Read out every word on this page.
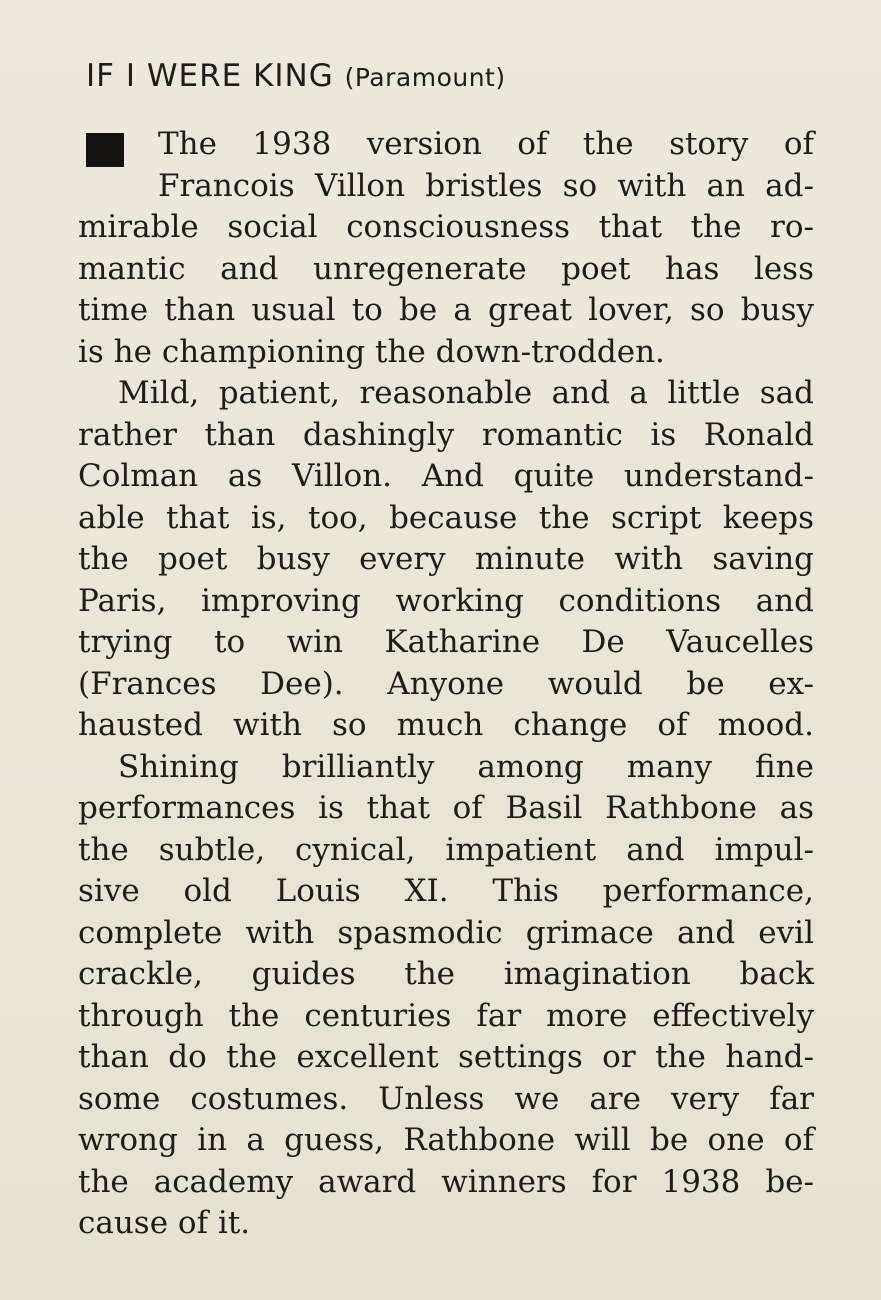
IF I WERE KING (Paramount)
The 1938 version of the story of
Francois Villon bristles so with an ad-
mirable social consciousness that the ro-
mantic and unregenerate poet has less
time than usual to be a great lover, so busy
is he championing the down-trodden.
Mild, patient, reasonable and a little sad
rather than dashingly romantic is Ronald
Colman as Villon. And quite understand-
able that is, too, because the script keeps
the poet busy every minute with saving
Paris, improving working conditions and
trying to win Katharine De Vaucelles
(Frances Dee). Anyone would be ex-
hausted with so much change of mood.
Shining brilliantly among many fine
performances is that of Basil Rathbone as
the subtle, cynical, impatient and impul-
sive old Louis XI. This performance,
complete with spasmodic grimace and evil
crackle, guides the imagination back
through the centuries far more effectively
than do the excellent settings or the hand-
some costumes. Unless we are very far
wrong in a guess, Rathbone will be one of
the academy award winners for 1938 be-
cause of it.
